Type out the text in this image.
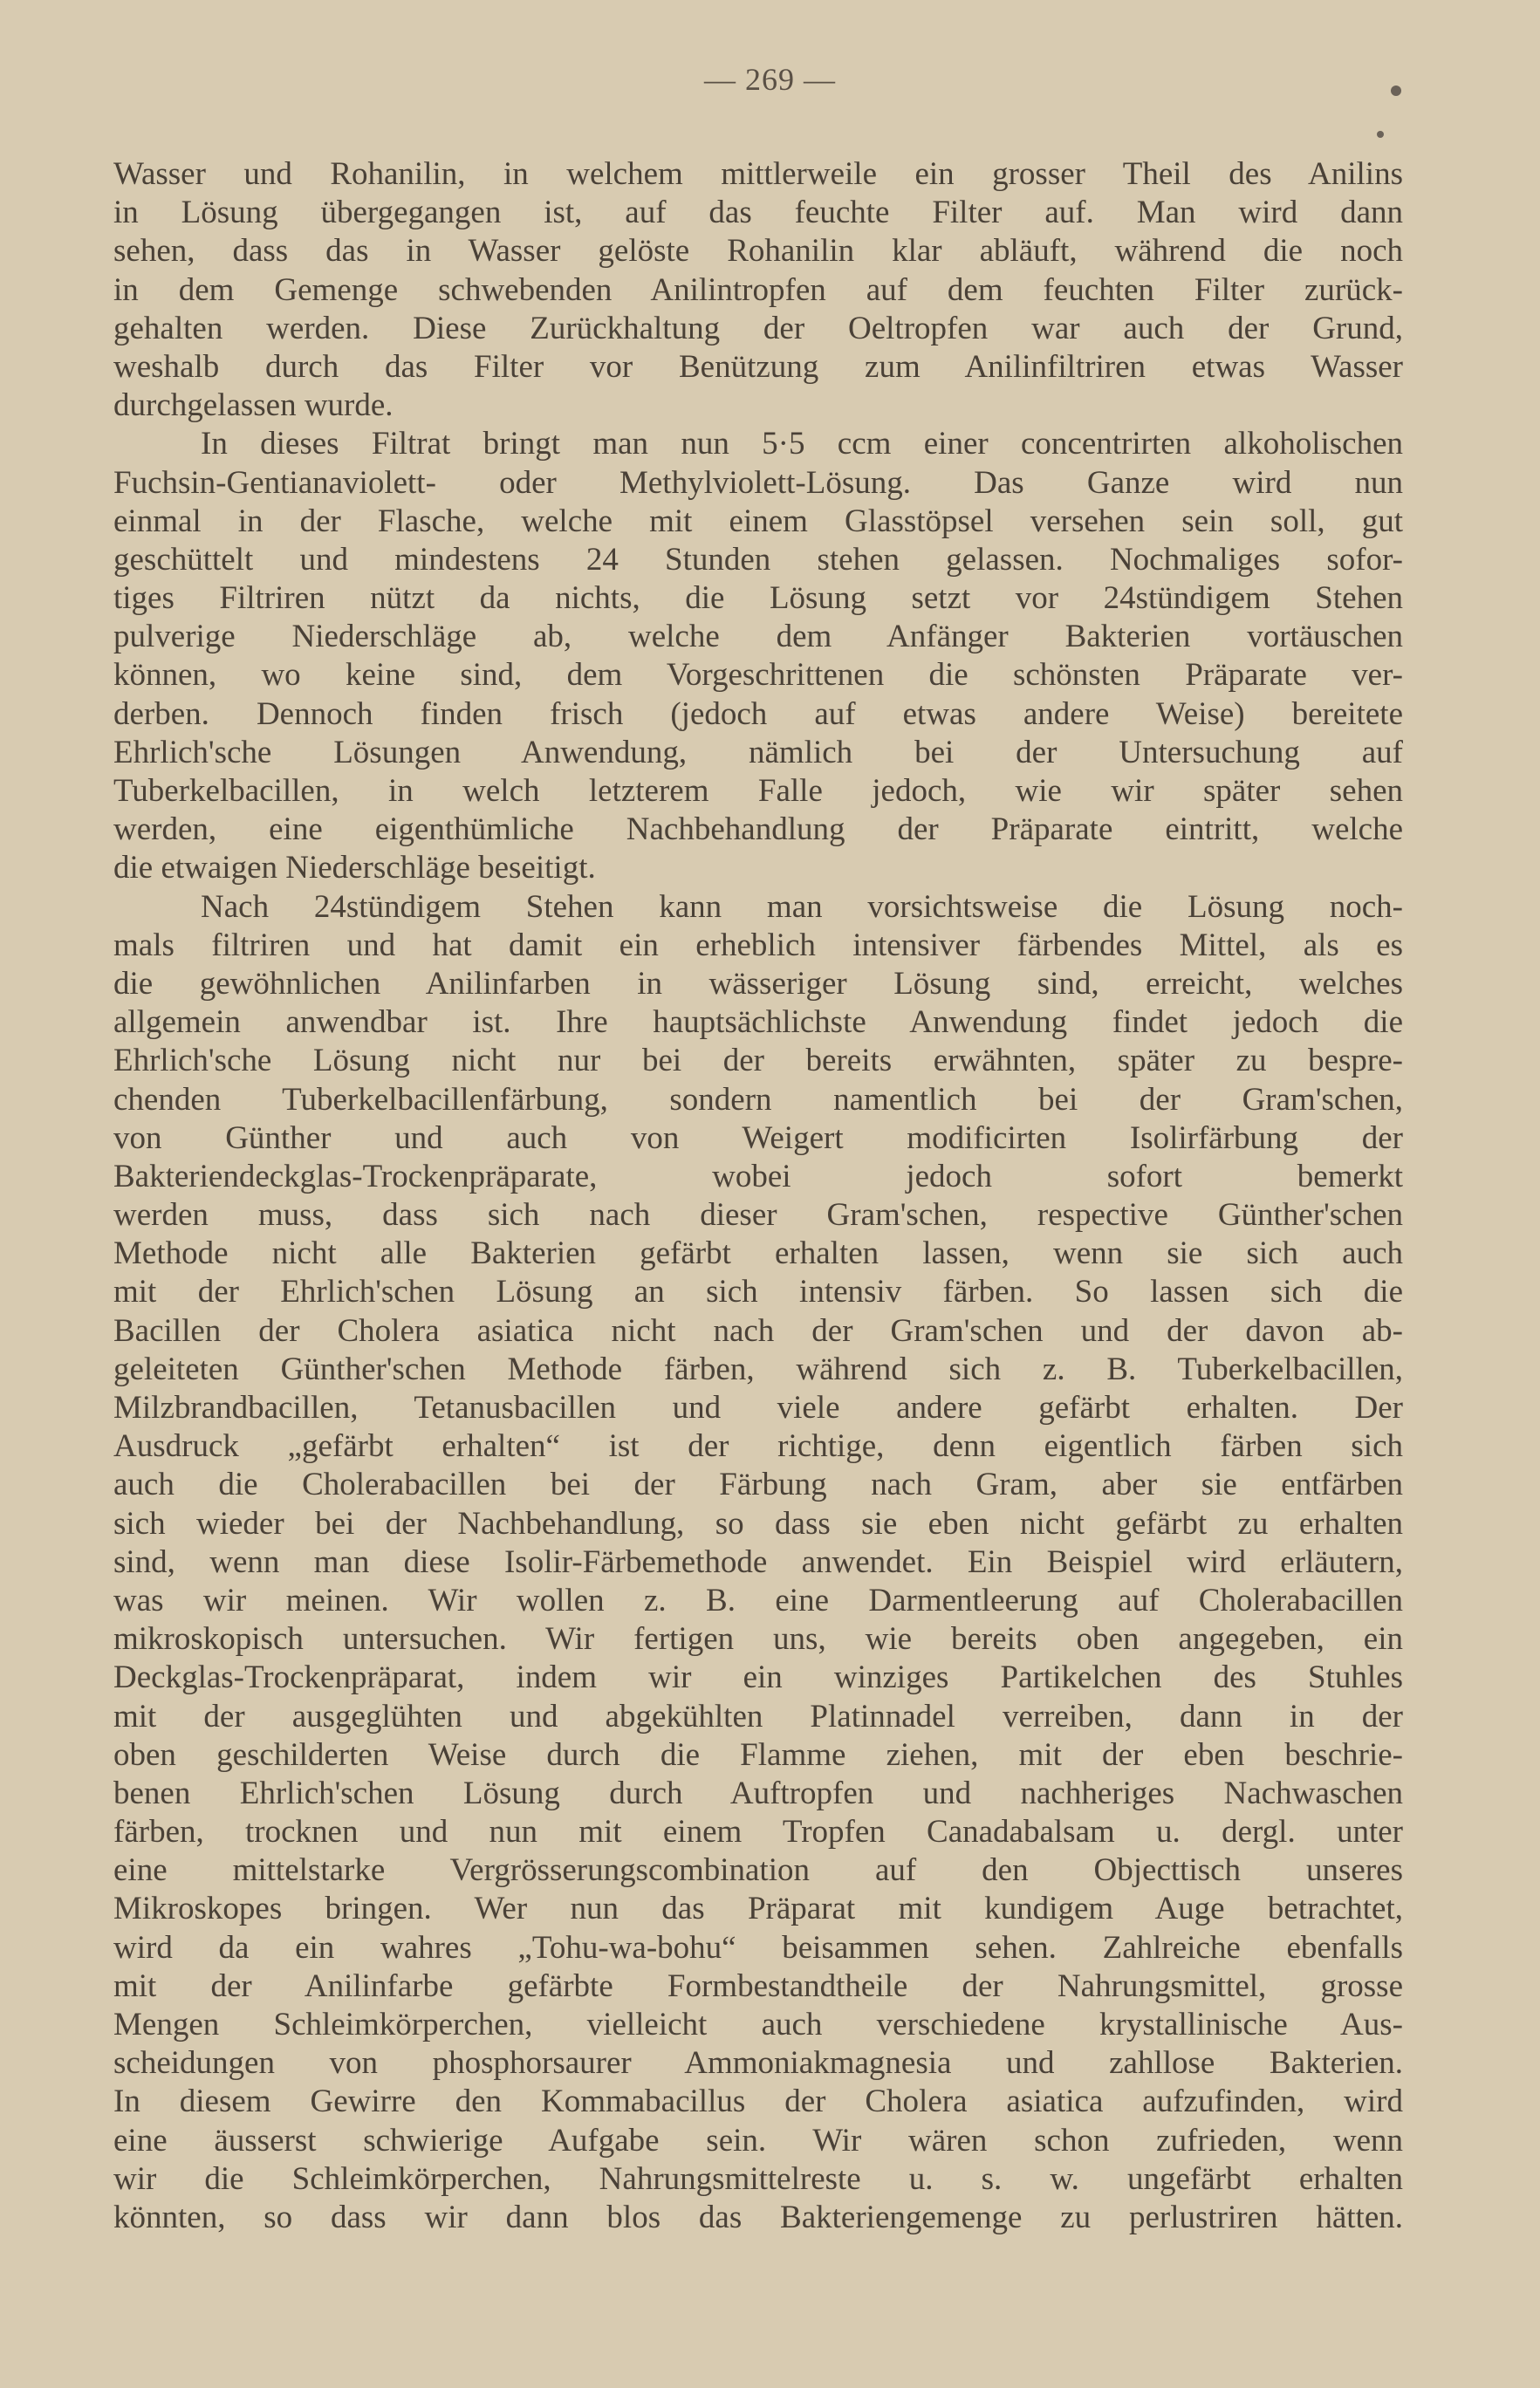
— 269 —
Wasser und Rohanilin, in welchem mittlerweile ein grosser Theil des Anilins
in Lösung übergegangen ist, auf das feuchte Filter auf. Man wird dann
sehen, dass das in Wasser gelöste Rohanilin klar abläuft, während die noch
in dem Gemenge schwebenden Anilintropfen auf dem feuchten Filter zurück-
gehalten werden. Diese Zurückhaltung der Oeltropfen war auch der Grund,
weshalb durch das Filter vor Benützung zum Anilinfiltriren etwas Wasser
durchgelassen wurde.
In dieses Filtrat bringt man nun 5·5 ccm einer concentrirten alkoholischen
Fuchsin-Gentianaviolett- oder Methylviolett-Lösung. Das Ganze wird nun
einmal in der Flasche, welche mit einem Glasstöpsel versehen sein soll, gut
geschüttelt und mindestens 24 Stunden stehen gelassen. Nochmaliges sofor-
tiges Filtriren nützt da nichts, die Lösung setzt vor 24stündigem Stehen
pulverige Niederschläge ab, welche dem Anfänger Bakterien vortäuschen
können, wo keine sind, dem Vorgeschrittenen die schönsten Präparate ver-
derben. Dennoch finden frisch (jedoch auf etwas andere Weise) bereitete
Ehrlich'sche Lösungen Anwendung, nämlich bei der Untersuchung auf
Tuberkelbacillen, in welch letzterem Falle jedoch, wie wir später sehen
werden, eine eigenthümliche Nachbehandlung der Präparate eintritt, welche
die etwaigen Niederschläge beseitigt.
Nach 24stündigem Stehen kann man vorsichtsweise die Lösung noch-
mals filtriren und hat damit ein erheblich intensiver färbendes Mittel, als es
die gewöhnlichen Anilinfarben in wässeriger Lösung sind, erreicht, welches
allgemein anwendbar ist. Ihre hauptsächlichste Anwendung findet jedoch die
Ehrlich'sche Lösung nicht nur bei der bereits erwähnten, später zu bespre-
chenden Tuberkelbacillenfärbung, sondern namentlich bei der Gram'schen,
von Günther und auch von Weigert modificirten Isolirfärbung der
Bakteriendeckglas-Trockenpräparate, wobei jedoch sofort bemerkt
werden muss, dass sich nach dieser Gram'schen, respective Günther'schen
Methode nicht alle Bakterien gefärbt erhalten lassen, wenn sie sich auch
mit der Ehrlich'schen Lösung an sich intensiv färben. So lassen sich die
Bacillen der Cholera asiatica nicht nach der Gram'schen und der davon ab-
geleiteten Günther'schen Methode färben, während sich z. B. Tuberkelbacillen,
Milzbrandbacillen, Tetanusbacillen und viele andere gefärbt erhalten. Der
Ausdruck „gefärbt erhalten“ ist der richtige, denn eigentlich färben sich
auch die Cholerabacillen bei der Färbung nach Gram, aber sie entfärben
sich wieder bei der Nachbehandlung, so dass sie eben nicht gefärbt zu erhalten
sind, wenn man diese Isolir-Färbemethode anwendet. Ein Beispiel wird erläutern,
was wir meinen. Wir wollen z. B. eine Darmentleerung auf Cholerabacillen
mikroskopisch untersuchen. Wir fertigen uns, wie bereits oben angegeben, ein
Deckglas-Trockenpräparat, indem wir ein winziges Partikelchen des Stuhles
mit der ausgeglühten und abgekühlten Platinnadel verreiben, dann in der
oben geschilderten Weise durch die Flamme ziehen, mit der eben beschrie-
benen Ehrlich'schen Lösung durch Auftropfen und nachheriges Nachwaschen
färben, trocknen und nun mit einem Tropfen Canadabalsam u. dergl. unter
eine mittelstarke Vergrösserungscombination auf den Objecttisch unseres
Mikroskopes bringen. Wer nun das Präparat mit kundigem Auge betrachtet,
wird da ein wahres „Tohu-wa-bohu“ beisammen sehen. Zahlreiche ebenfalls
mit der Anilinfarbe gefärbte Formbestandtheile der Nahrungsmittel, grosse
Mengen Schleimkörperchen, vielleicht auch verschiedene krystallinische Aus-
scheidungen von phosphorsaurer Ammoniakmagnesia und zahllose Bakterien.
In diesem Gewirre den Kommabacillus der Cholera asiatica aufzufinden, wird
eine äusserst schwierige Aufgabe sein. Wir wären schon zufrieden, wenn
wir die Schleimkörperchen, Nahrungsmittelreste u. s. w. ungefärbt erhalten
könnten, so dass wir dann blos das Bakteriengemenge zu perlustriren hätten.
